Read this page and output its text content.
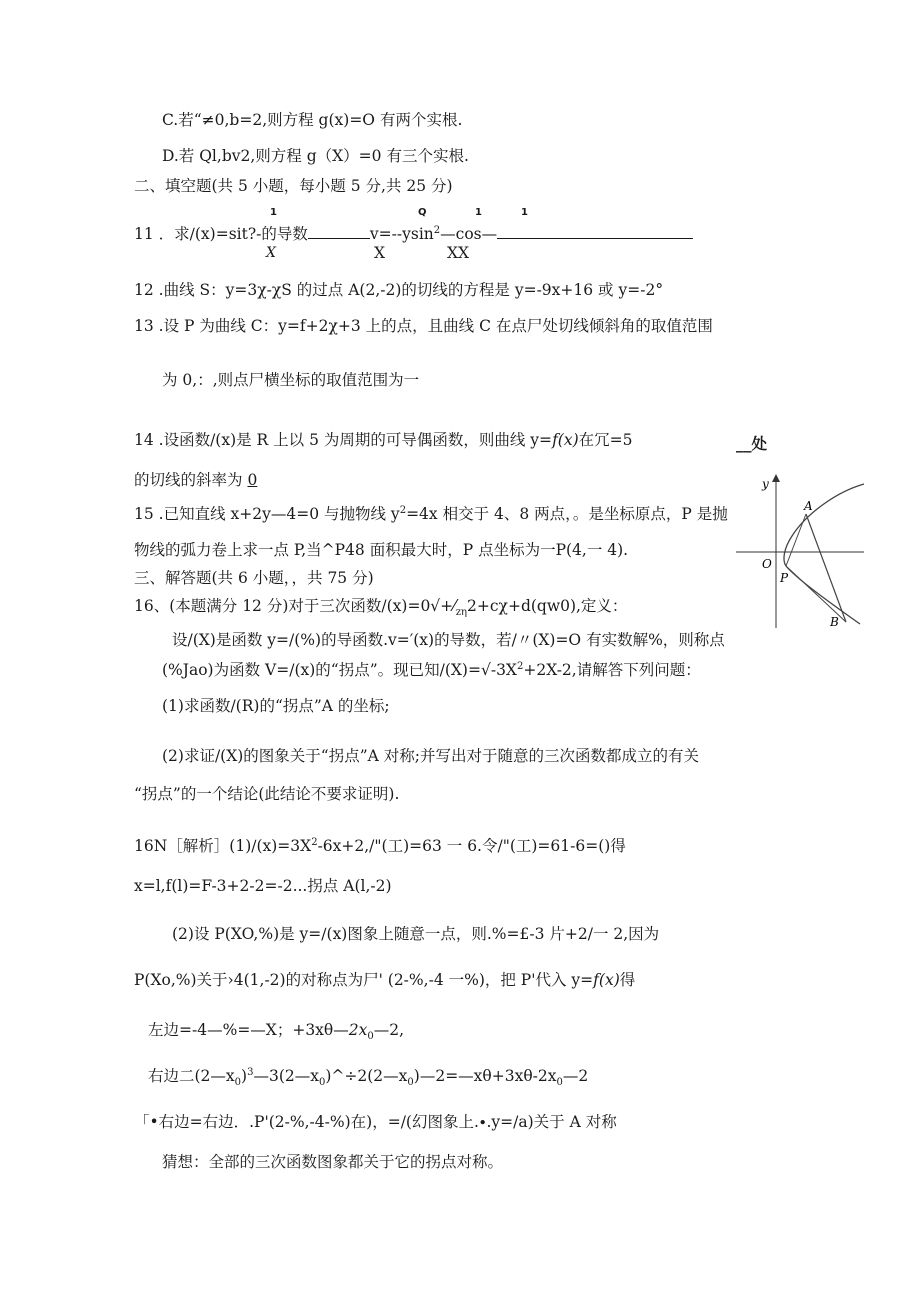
C.若“≠0,b=2,则方程 g(x)=O 有两个实根.
D.若 Ql,bv2,则方程 g（X）=0 有三个实根.
二、填空题(共 5 小题，每小题 5 分,共 25 分)
1	Q	1	1
11 ．求∕(x)=sit?-的导数	v=--ysin$^2$—cos—
X	X	XX
12 .曲线 S：y=3χ-χS 的过点 A(2,-2)的切线的方程是 y=-9x+16 或 y=-2°
13 .设 P 为曲线 C：y=f+2χ+3 上的点，且曲线 C 在点尸处切线倾斜角的取值范围
为 0,：,则点尸横坐标的取值范围为一
14 .设函数/(x)是 R 上以 5 为周期的可导偶函数，则曲线 y=f(x)在冗=5
的切线的斜率为 0
15 .已知直线 x+2y—4=0 与抛物线 $y^2=4x$ 相交于 4、8 两点，。是坐标原点，P 是抛
物线的弧力卷上求一点 P,当^P48 面积最大时，P 点坐标为一P(4,一 4).
三、解答题(共 6 小题，，共 75 分)
16、(本题满分 12 分)对于三次函数$/(x)=0√+⁄_{z\eta}2+c\chi+d(qw0)$,定义：
设/(X)是函数 y=/(%)的导函数.v=′(x)的导数，若/〃(X)=O 有实数解%，则称点
(%Jao)为函数 V=/(x)的“拐点”。现已知$/(X)=√-3X^2+2X-2$,请解答下列问题：
(1)求函数/(R)的“拐点”A 的坐标;
(2)求证/(X)的图象关于“拐点”A 对称;并写出对于随意的三次函数都成立的有关
“拐点”的一个结论(此结论不要求证明).
16N［解析$](1)∕(x)=3X^2-6x+2,/$"(工)=63 一 6.令/"(工)=61-6=()得
x=l,f(l)=F-3+2-2=-2...拐点 A(l,-2)
(2)设 P(XO,%)是 y=∕(x)图象上随意一点，则.%=£-3 片+2/一 2,因为
P(Xo,%)关于›4(1,-2)的对称点为尸' (2-%,-4 一%)，把 P'代入 y=f(x)得
左边=-4—%=—X；$+3x\theta—2x_0—2$,
右边二$(2—x_0)^3—3(2—x_0)\^{}\div 2(2—x_0)—2=—x\theta+3x\theta-2x_0—2$
「•右边=右边．.P'(2-%,-4-%)在)，=/(幻图象上.∙.y=/a)关于 A 对称
猜想：全部的三次函数图象都关于它的拐点对称。
__处
y
A
O
P
B
